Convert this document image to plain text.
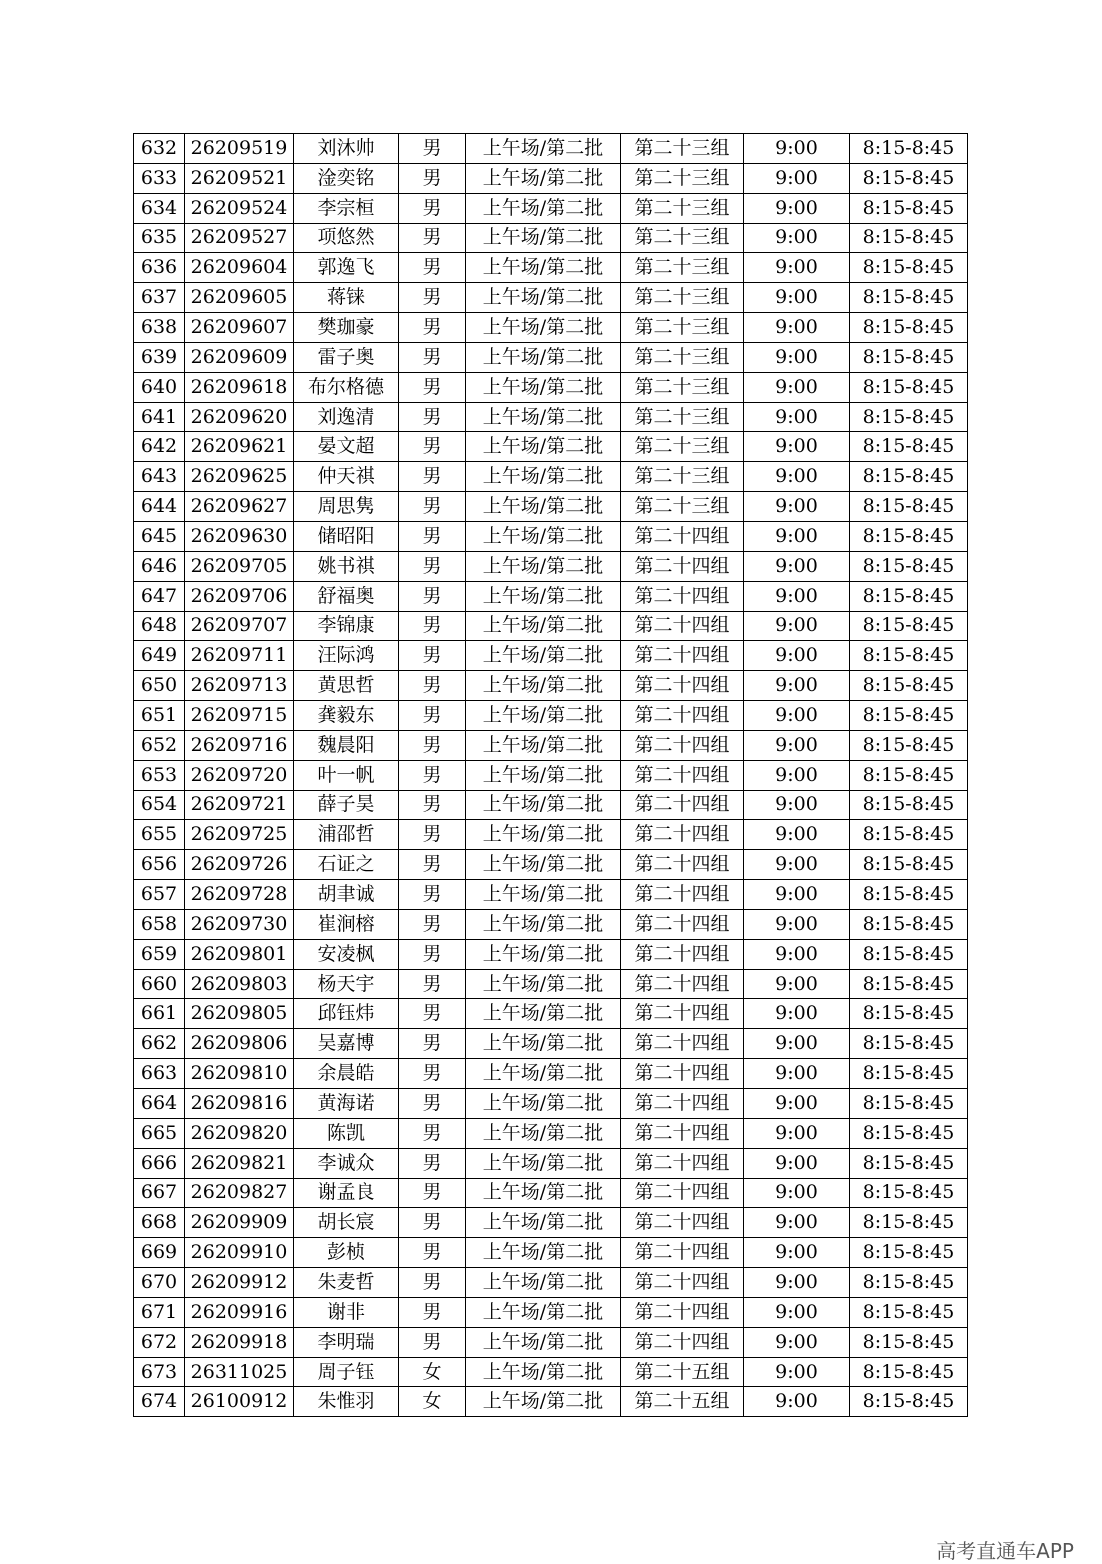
632	26209519	刘沐帅	男	上午场/第二批	第二十三组	9:00	8:15-8:45
633	26209521	淦奕铭	男	上午场/第二批	第二十三组	9:00	8:15-8:45
634	26209524	李宗桓	男	上午场/第二批	第二十三组	9:00	8:15-8:45
635	26209527	项悠然	男	上午场/第二批	第二十三组	9:00	8:15-8:45
636	26209604	郭逸飞	男	上午场/第二批	第二十三组	9:00	8:15-8:45
637	26209605	蒋铼	男	上午场/第二批	第二十三组	9:00	8:15-8:45
638	26209607	樊珈豪	男	上午场/第二批	第二十三组	9:00	8:15-8:45
639	26209609	雷子奥	男	上午场/第二批	第二十三组	9:00	8:15-8:45
640	26209618	布尔格德	男	上午场/第二批	第二十三组	9:00	8:15-8:45
641	26209620	刘逸清	男	上午场/第二批	第二十三组	9:00	8:15-8:45
642	26209621	晏文超	男	上午场/第二批	第二十三组	9:00	8:15-8:45
643	26209625	仲天祺	男	上午场/第二批	第二十三组	9:00	8:15-8:45
644	26209627	周思隽	男	上午场/第二批	第二十三组	9:00	8:15-8:45
645	26209630	储昭阳	男	上午场/第二批	第二十四组	9:00	8:15-8:45
646	26209705	姚书祺	男	上午场/第二批	第二十四组	9:00	8:15-8:45
647	26209706	舒福奥	男	上午场/第二批	第二十四组	9:00	8:15-8:45
648	26209707	李锦康	男	上午场/第二批	第二十四组	9:00	8:15-8:45
649	26209711	汪际鸿	男	上午场/第二批	第二十四组	9:00	8:15-8:45
650	26209713	黄思哲	男	上午场/第二批	第二十四组	9:00	8:15-8:45
651	26209715	龚毅东	男	上午场/第二批	第二十四组	9:00	8:15-8:45
652	26209716	魏晨阳	男	上午场/第二批	第二十四组	9:00	8:15-8:45
653	26209720	叶一帆	男	上午场/第二批	第二十四组	9:00	8:15-8:45
654	26209721	薛子昊	男	上午场/第二批	第二十四组	9:00	8:15-8:45
655	26209725	浦邵哲	男	上午场/第二批	第二十四组	9:00	8:15-8:45
656	26209726	石证之	男	上午场/第二批	第二十四组	9:00	8:15-8:45
657	26209728	胡聿诚	男	上午场/第二批	第二十四组	9:00	8:15-8:45
658	26209730	崔涧榕	男	上午场/第二批	第二十四组	9:00	8:15-8:45
659	26209801	安凌枫	男	上午场/第二批	第二十四组	9:00	8:15-8:45
660	26209803	杨天宇	男	上午场/第二批	第二十四组	9:00	8:15-8:45
661	26209805	邱钰炜	男	上午场/第二批	第二十四组	9:00	8:15-8:45
662	26209806	吴嘉博	男	上午场/第二批	第二十四组	9:00	8:15-8:45
663	26209810	余晨皓	男	上午场/第二批	第二十四组	9:00	8:15-8:45
664	26209816	黄海诺	男	上午场/第二批	第二十四组	9:00	8:15-8:45
665	26209820	陈凯	男	上午场/第二批	第二十四组	9:00	8:15-8:45
666	26209821	李诚众	男	上午场/第二批	第二十四组	9:00	8:15-8:45
667	26209827	谢孟良	男	上午场/第二批	第二十四组	9:00	8:15-8:45
668	26209909	胡长宸	男	上午场/第二批	第二十四组	9:00	8:15-8:45
669	26209910	彭桢	男	上午场/第二批	第二十四组	9:00	8:15-8:45
670	26209912	朱麦哲	男	上午场/第二批	第二十四组	9:00	8:15-8:45
671	26209916	谢非	男	上午场/第二批	第二十四组	9:00	8:15-8:45
672	26209918	李明瑞	男	上午场/第二批	第二十四组	9:00	8:15-8:45
673	26311025	周子钰	女	上午场/第二批	第二十五组	9:00	8:15-8:45
674	26100912	朱惟羽	女	上午场/第二批	第二十五组	9:00	8:15-8:45
高考直通车APP
